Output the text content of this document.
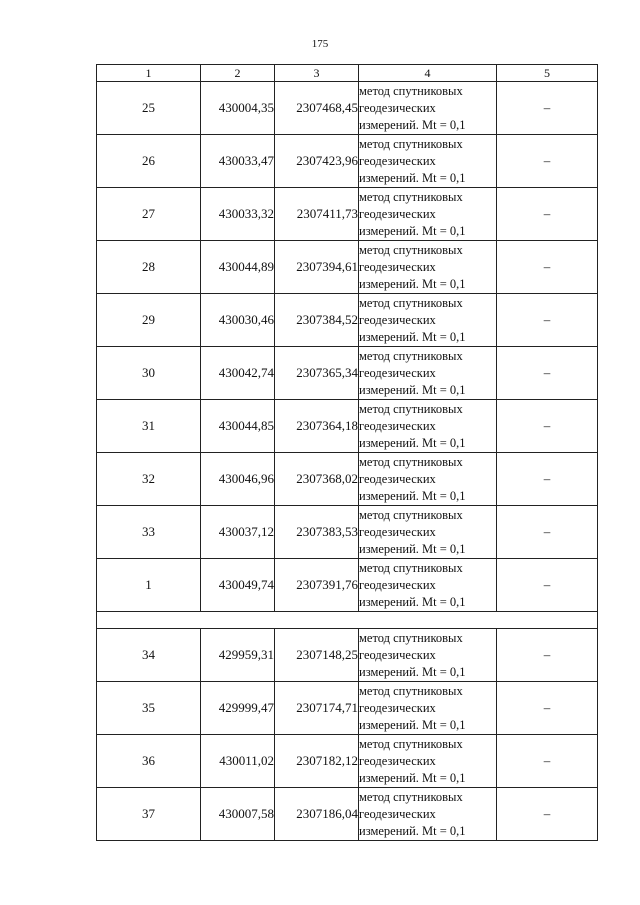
175
1	2	3	4	5
25	430004,35	2307468,45	метод спутниковых
геодезических
измерений. Mt = 0,1	–
26	430033,47	2307423,96	метод спутниковых
геодезических
измерений. Mt = 0,1	–
27	430033,32	2307411,73	метод спутниковых
геодезических
измерений. Mt = 0,1	–
28	430044,89	2307394,61	метод спутниковых
геодезических
измерений. Mt = 0,1	–
29	430030,46	2307384,52	метод спутниковых
геодезических
измерений. Mt = 0,1	–
30	430042,74	2307365,34	метод спутниковых
геодезических
измерений. Mt = 0,1	–
31	430044,85	2307364,18	метод спутниковых
геодезических
измерений. Mt = 0,1	–
32	430046,96	2307368,02	метод спутниковых
геодезических
измерений. Mt = 0,1	–
33	430037,12	2307383,53	метод спутниковых
геодезических
измерений. Mt = 0,1	–
1	430049,74	2307391,76	метод спутниковых
геодезических
измерений. Mt = 0,1	–

34	429959,31	2307148,25	метод спутниковых
геодезических
измерений. Mt = 0,1	–
35	429999,47	2307174,71	метод спутниковых
геодезических
измерений. Mt = 0,1	–
36	430011,02	2307182,12	метод спутниковых
геодезических
измерений. Mt = 0,1	–
37	430007,58	2307186,04	метод спутниковых
геодезических
измерений. Mt = 0,1	–
